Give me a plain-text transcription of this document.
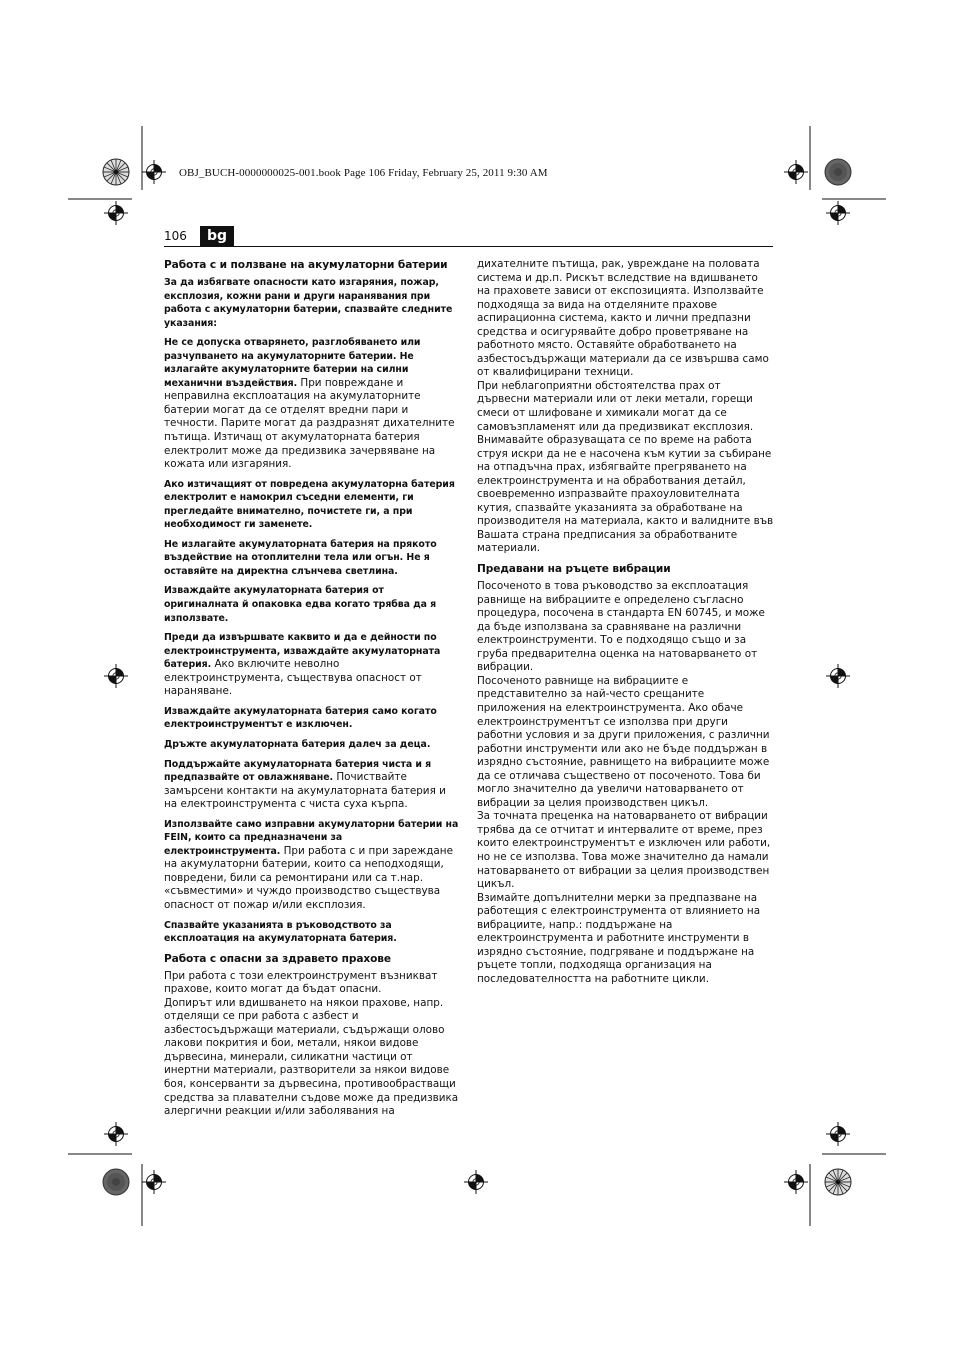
OBJ_BUCH-0000000025-001.book Page 106 Friday, February 25, 2011 9:30 AM
106	bg
Работа с и ползване на акумулаторни батерии
За да избягвате опасности като изгаряния, пожар, експлозия, кожни рани и други наранявания при работа с акумулаторни батерии, спазвайте следните указания:
Не се допуска отварянето, разглобяването или разчупването на акумулаторните батерии. Не излагайте акумулаторните батерии на силни механични въздействия. При повреждане и неправилна експлоатация на акумулаторните батерии могат да се отделят вредни пари и течности. Парите могат да раздразнят дихателните пътища. Изтичащ от акумулаторната батерия електролит може да предизвика зачервяване на кожата или изгаряния.
Ако изтичащият от повредена акумулаторна батерия електролит е намокрил съседни елементи, ги прегледайте внимателно, почистете ги, а при необходимост ги заменете.
Не излагайте акумулаторната батерия на прякото въздействие на отоплителни тела или огън. Не я оставяйте на директна слънчева светлина.
Изваждайте акумулаторната батерия от оригиналната й опаковка едва когато трябва да я използвате.
Преди да извършвате каквито и да е дейности по електроинструмента, изваждайте акумулаторната батерия. Ако включите неволно електроинструмента, съществува опасност от нараняване.
Изваждайте акумулаторната батерия само когато електроинструментът е изключен.
Дръжте акумулаторната батерия далеч за деца.
Поддържайте акумулаторната батерия чиста и я предпазвайте от овлажняване. Почиствайте замърсени контакти на акумулаторната батерия и на електроинструмента с чиста суха кърпа.
Използвайте само изправни акумулаторни батерии на FEIN, които са предназначени за електроинструмента. При работа с и при зареждане на акумулаторни батерии, които са неподходящи, повредени, били са ремонтирани или са т.нар. «съвместими» и чуждо производство съществува опасност от пожар и/или експлозия.
Спазвайте указанията в ръководството за експлоатация на акумулаторната батерия.
Работа с опасни за здравето прахове
При работа с този електроинструмент възникват прахове, които могат да бъдат опасни.
Допирът или вдишването на някои прахове, напр. отделящи се при работа с азбест и азбестосъдържащи материали, съдържащи олово лакови покрития и бои, метали, някои видове дървесина, минерали, силикатни частици от инертни материали, разтворители за някои видове боя, консерванти за дървесина, противообрастващи средства за плавателни съдове може да предизвика алергични реакции и/или заболявания на
дихателните пътища, рак, увреждане на половата система и др.п. Рискът вследствие на вдишването на праховете зависи от експозицията. Използвайте подходяща за вида на отделяните прахове аспирационна система, както и лични предпазни средства и осигурявайте добро проветряване на работното място. Оставяйте обработването на азбестосъдържащи материали да се извършва само от квалифицирани техници.
При неблагоприятни обстоятелства прах от дървесни материали или от леки метали, горещи смеси от шлифоване и химикали могат да се самовъзпламенят или да предизвикат експлозия. Внимавайте образуващата се по време на работа струя искри да не е насочена към кутии за събиране на отпадъчна прах, избягвайте прегряването на електроинструмента и на обработвания детайл, своевременно изпразвайте прахоуловителната кутия, спазвайте указанията за обработване на производителя на материала, както и валидните във Вашата страна предписания за обработваните материали.
Предавани на ръцете вибрации
Посоченото в това ръководство за експлоатация равнище на вибрациите е определено съгласно процедура, посочена в стандарта EN 60745, и може да бъде използвана за сравняване на различни електроинструменти. То е подходящо също и за груба предварителна оценка на натоварването от вибрации.
Посоченото равнище на вибрациите е представително за най-често срещаните приложения на електроинструмента. Ако обаче електроинструментът се използва при други работни условия и за други приложения, с различни работни инструменти или ако не бъде поддържан в изрядно състояние, равнището на вибрациите може да се отличава съществено от посоченото. Това би могло значително да увеличи натоварването от вибрации за целия производствен цикъл.
За точната преценка на натоварването от вибрации трябва да се отчитат и интервалите от време, през които електроинструментът е изключен или работи, но не се използва. Това може значително да намали натоварването от вибрации за целия производствен цикъл.
Взимайте допълнителни мерки за предпазване на работещия с електроинструмента от влиянието на вибрациите, напр.: поддържане на електроинструмента и работните инструменти в изрядно състояние, подгряване и поддържане на ръцете топли, подходяща организация на последователността на работните цикли.
